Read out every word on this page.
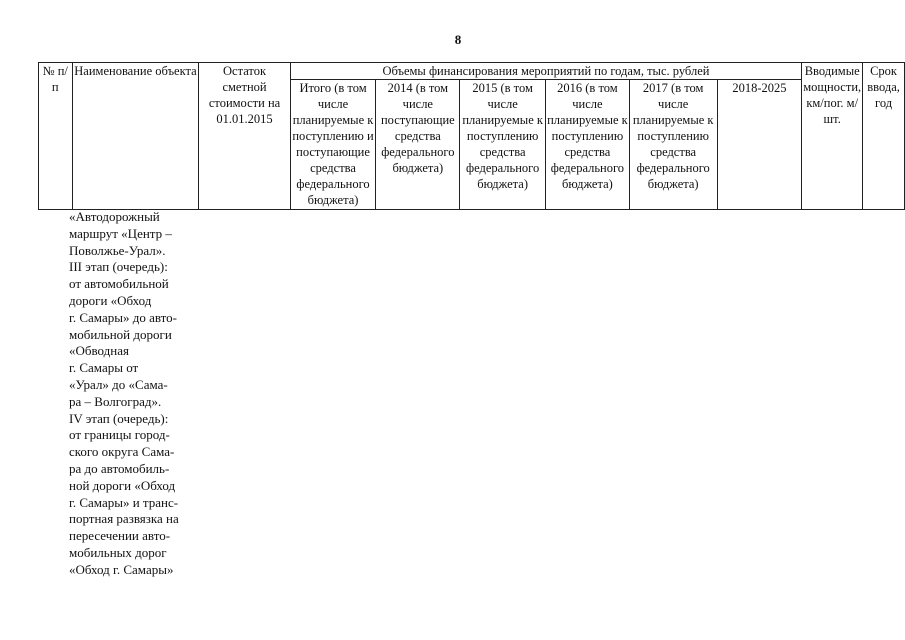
8
№ п/п	Наименование объекта	Остаток сметной стоимости на 01.01.2015	Объемы финансирования мероприятий по годам, тыс. рублей						Вводимые мощности, км/пог. м/шт.	Срок ввода, год
			Итого (в том числе планируемые к поступлению и поступающие средства федерального бюджета)	2014 (в том числе поступающие средства федерального бюджета)	2015 (в том числе планируемые к поступлению средства федерального бюджета)	2016 (в том числе планируемые к поступлению средства федерального бюджета)	2017 (в том числе планируемые к поступлению средства федерального бюджета)	2018-2025		
«Автодорожный
маршрут «Центр –
Поволжье-Урал».
III этап (очередь):
от автомобильной
дороги «Обход
г. Самары» до авто-
мобильной дороги
«Обводная
г. Самары от
«Урал» до «Сама-
ра – Волгоград».
IV этап (очередь):
от границы город-
ского округа Сама-
ра до автомобиль-
ной дороги «Обход
г. Самары» и транс-
портная развязка на
пересечении авто-
мобильных дорог
«Обход г. Самары»
